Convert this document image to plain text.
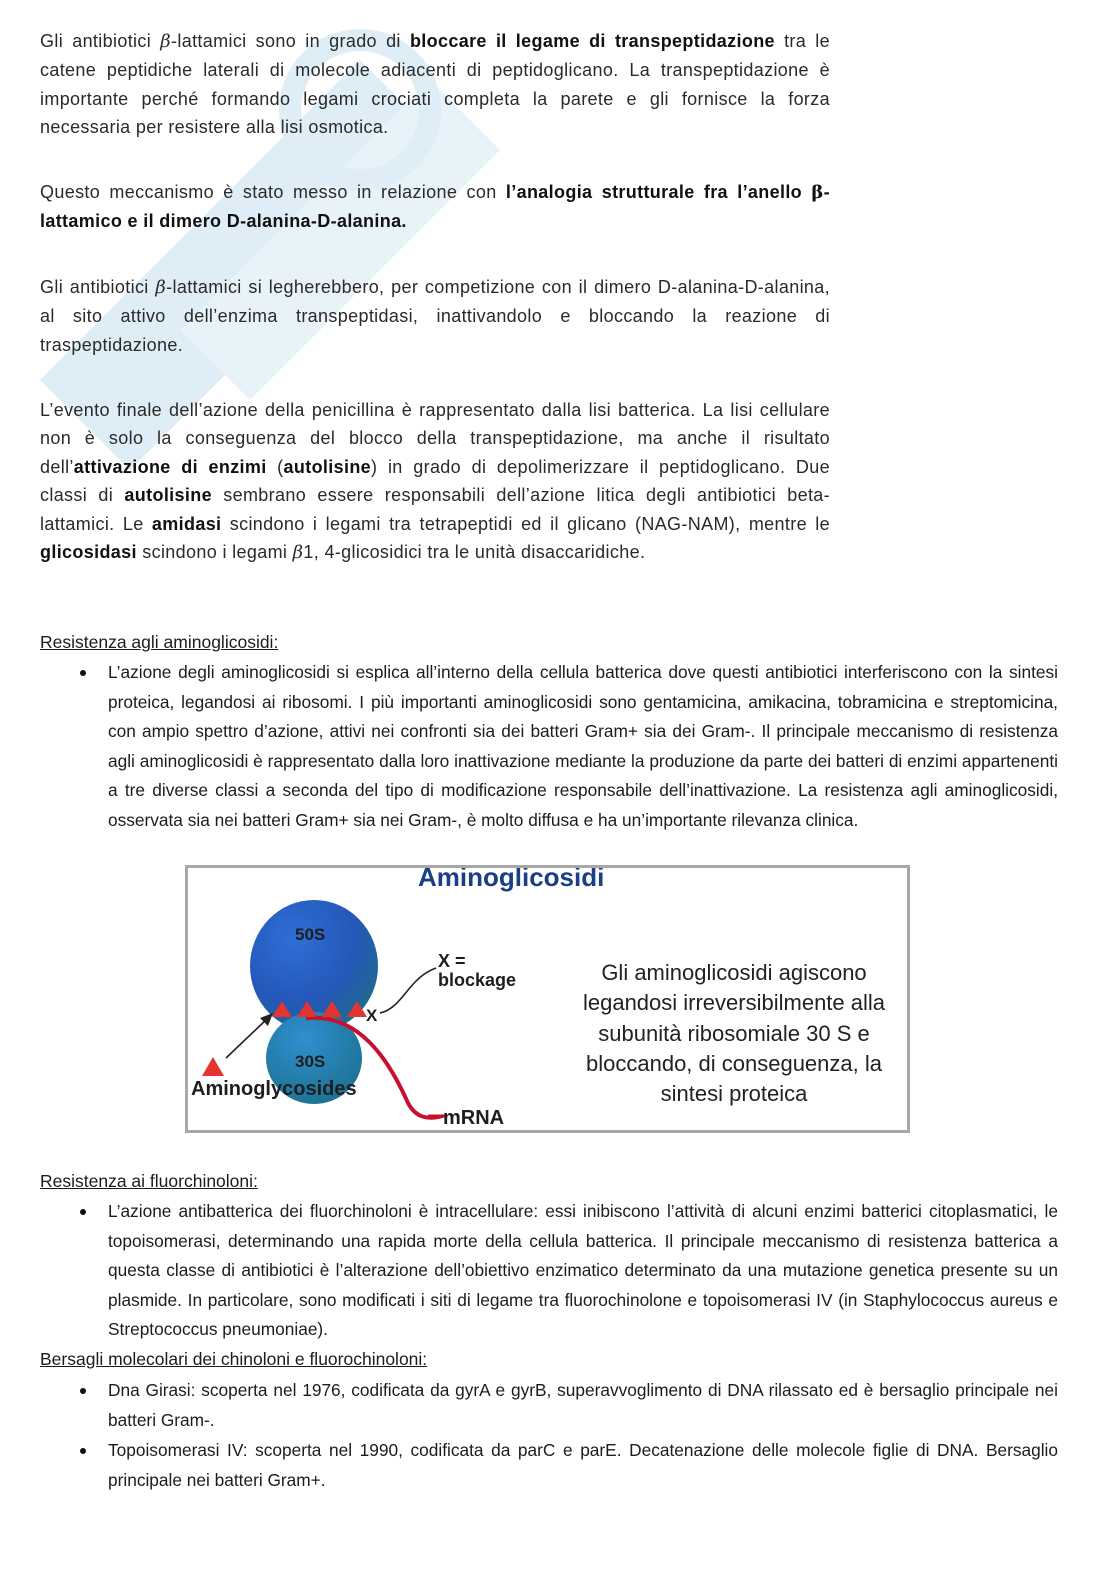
Gli antibiotici β-lattamici sono in grado di bloccare il legame di transpeptidazione tra le catene peptidiche laterali di molecole adiacenti di peptidoglicano. La transpeptidazione è importante perché formando legami crociati completa la parete e gli fornisce la forza necessaria per resistere alla lisi osmotica.
Questo meccanismo è stato messo in relazione con l’analogia strutturale fra l’anello β-lattamico e il dimero D-alanina-D-alanina.
Gli antibiotici β-lattamici si legherebbero, per competizione con il dimero D-alanina-D-alanina, al sito attivo dell’enzima transpeptidasi, inattivandolo e bloccando la reazione di traspeptidazione.
L’evento finale dell’azione della penicillina è rappresentato dalla lisi batterica. La lisi cellulare non è solo la conseguenza del blocco della transpeptidazione, ma anche il risultato dell’attivazione di enzimi (autolisine) in grado di depolimerizzare il peptidoglicano. Due classi di autolisine sembrano essere responsabili dell’azione litica degli antibiotici beta-lattamici. Le amidasi scindono i legami tra tetrapeptidi ed il glicano (NAG-NAM), mentre le glicosidasi scindono i legami β1, 4-glicosidici tra le unità disaccaridiche.
Resistenza agli aminoglicosidi:
L’azione degli aminoglicosidi si esplica all’interno della cellula batterica dove questi antibiotici interferiscono con la sintesi proteica, legandosi ai ribosomi. I più importanti aminoglicosidi sono gentamicina, amikacina, tobramicina e streptomicina, con ampio spettro d’azione, attivi nei confronti sia dei batteri Gram+ sia dei Gram-. Il principale meccanismo di resistenza agli aminoglicosidi è rappresentato dalla loro inattivazione mediante la produzione da parte dei batteri di enzimi appartenenti a tre diverse classi a seconda del tipo di modificazione responsabile dell’inattivazione. La resistenza agli aminoglicosidi, osservata sia nei batteri Gram+ sia nei Gram-, è molto diffusa e ha un’importante rilevanza clinica.
Aminoglicosidi
50S
30S
X
X =
blockage
Aminoglycosides
mRNA
Gli aminoglicosidi agiscono legandosi irreversibilmente alla subunità ribosomiale 30 S e bloccando, di conseguenza, la sintesi proteica
Resistenza ai fluorchinoloni:
L’azione antibatterica dei fluorchinoloni è intracellulare: essi inibiscono l’attività di alcuni enzimi batterici citoplasmatici, le topoisomerasi, determinando una rapida morte della cellula batterica. Il principale meccanismo di resistenza batterica a questa classe di antibiotici è l’alterazione dell’obiettivo enzimatico determinato da una mutazione genetica presente su un plasmide. In particolare, sono modificati i siti di legame tra fluorochinolone e topoisomerasi IV (in Staphylococcus aureus e Streptococcus pneumoniae).
Bersagli molecolari dei chinoloni e fluorochinoloni:
Dna Girasi: scoperta nel 1976, codificata da gyrA e gyrB, superavvoglimento di DNA rilassato ed è bersaglio principale nei batteri Gram-.
Topoisomerasi IV: scoperta nel 1990, codificata da parC e parE. Decatenazione delle molecole figlie di DNA. Bersaglio principale nei batteri Gram+.
